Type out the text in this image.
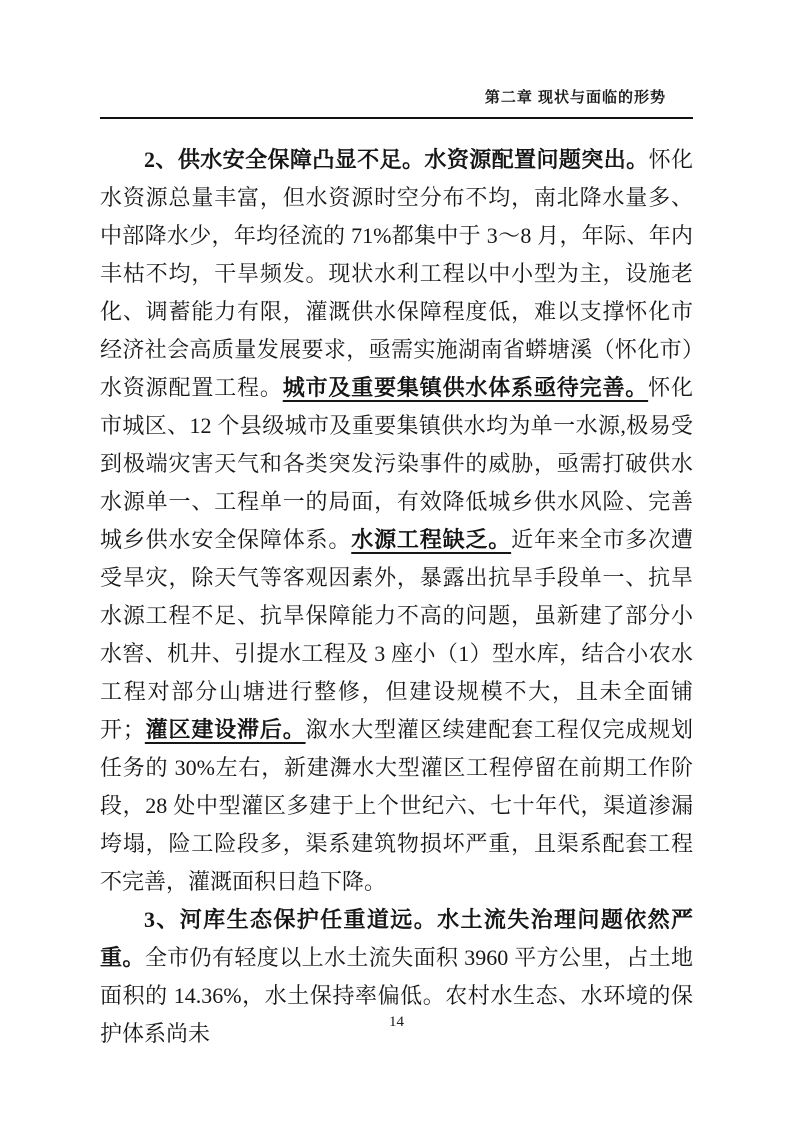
第二章 现状与面临的形势

2、供水安全保障凸显不足。水资源配置问题突出。怀化水资源总量丰富，但水资源时空分布不均，南北降水量多、中部降水少，年均径流的 71%都集中于 3～8 月，年际、年内丰枯不均，干旱频发。现状水利工程以中小型为主，设施老化、调蓄能力有限，灌溉供水保障程度低，难以支撑怀化市经济社会高质量发展要求，亟需实施湖南省蟒塘溪（怀化市）水资源配置工程。城市及重要集镇供水体系亟待完善。怀化市城区、12 个县级城市及重要集镇供水均为单一水源,极易受到极端灾害天气和各类突发污染事件的威胁，亟需打破供水水源单一、工程单一的局面，有效降低城乡供水风险、完善城乡供水安全保障体系。水源工程缺乏。近年来全市多次遭受旱灾，除天气等客观因素外，暴露出抗旱手段单一、抗旱水源工程不足、抗旱保障能力不高的问题，虽新建了部分小水窖、机井、引提水工程及 3 座小（1）型水库，结合小农水工程对部分山塘进行整修，但建设规模不大，且未全面铺开；灌区建设滞后。溆水大型灌区续建配套工程仅完成规划任务的 30%左右，新建㵲水大型灌区工程停留在前期工作阶段，28 处中型灌区多建于上个世纪六、七十年代，渠道渗漏垮塌，险工险段多，渠系建筑物损坏严重，且渠系配套工程不完善，灌溉面积日趋下降。

3、河库生态保护任重道远。水土流失治理问题依然严重。全市仍有轻度以上水土流失面积 3960 平方公里，占土地面积的 14.36%，水土保持率偏低。农村水生态、水环境的保护体系尚未	14
